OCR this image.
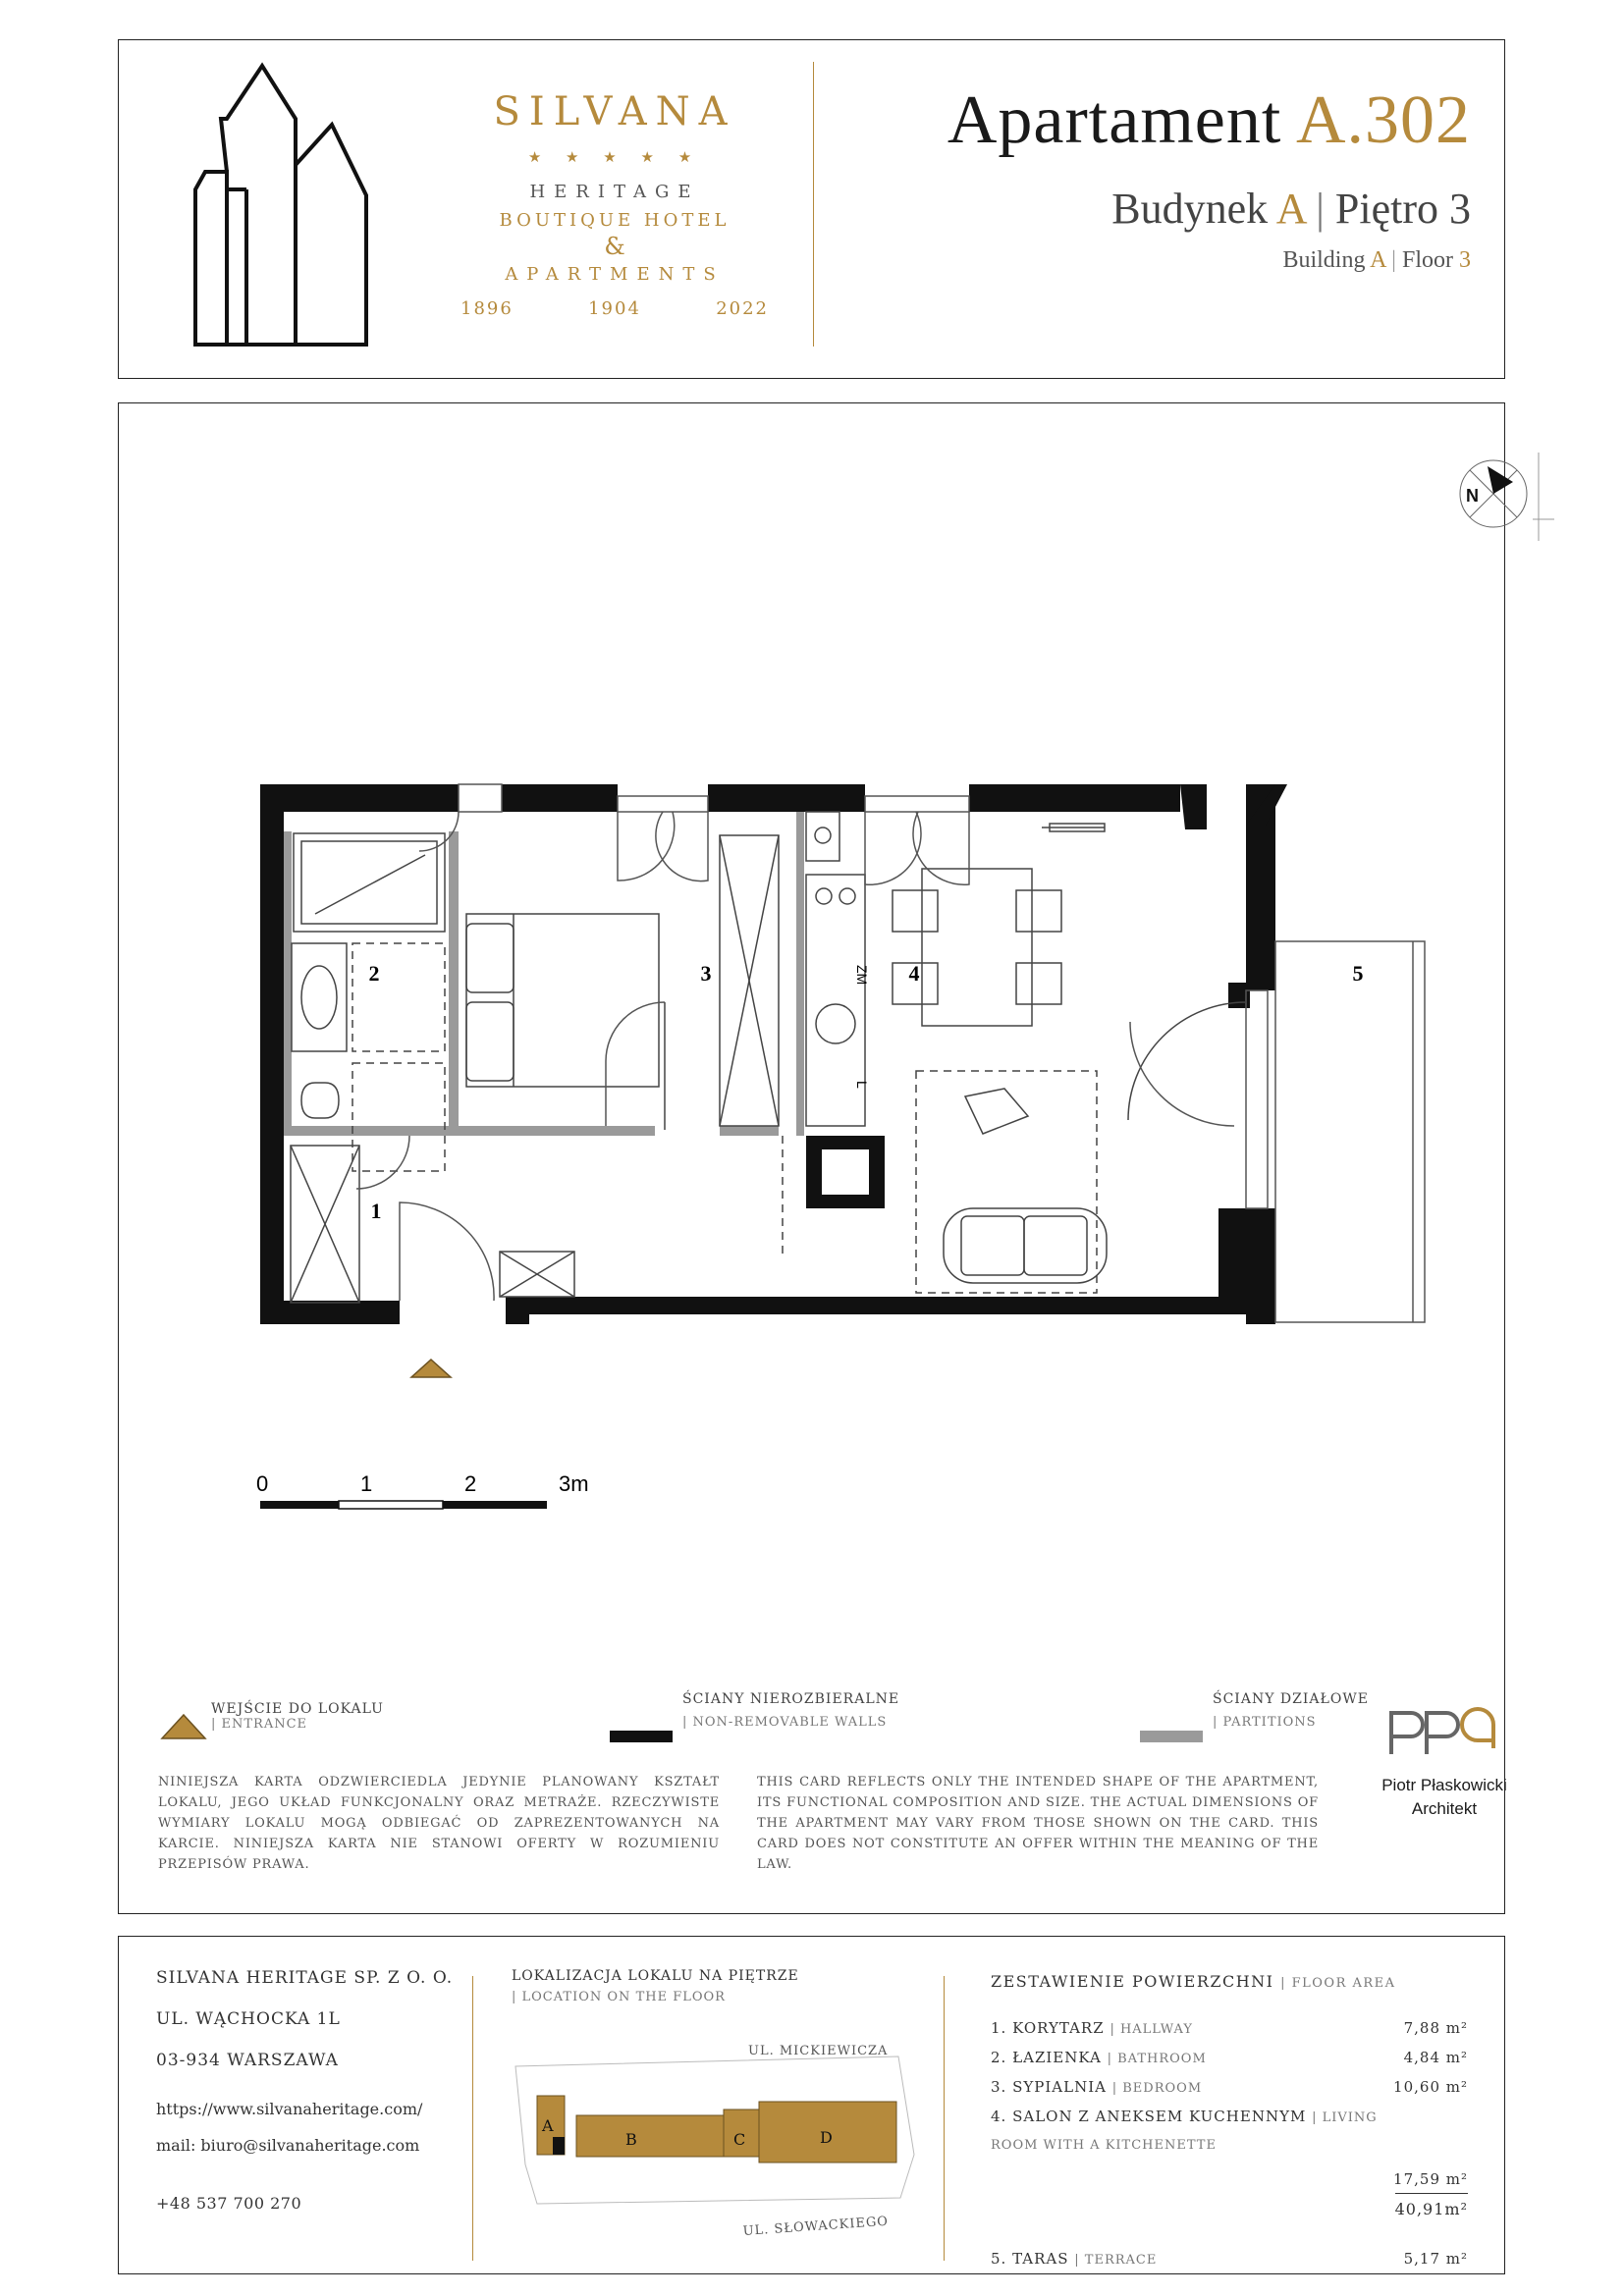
SILVANA
★ ★ ★ ★ ★
HERITAGE
BOUTIQUE HOTEL
&
APARTMENTS
1896	1904	2022
Apartament A.302
Budynek A | Piętro 3
Building A | Floor 3
N
2
1
3	4	5
ZM
L
0	1	2	3m
WEJŚCIE DO LOKALU
| ENTRANCE
ŚCIANY NIEROZBIERALNE
| NON-REMOVABLE WALLS
ŚCIANY DZIAŁOWE
| PARTITIONS
NINIEJSZA KARTA ODZWIERCIEDLA JEDYNIE PLANOWANY KSZTAŁT LOKALU, JEGO UKŁAD FUNKCJONALNY ORAZ METRAŻE. RZECZYWISTE WYMIARY LOKALU MOGĄ ODBIEGAĆ OD ZAPREZENTOWANYCH NA KARCIE. NINIEJSZA KARTA NIE STANOWI OFERTY W ROZUMIENIU PRZEPISÓW PRAWA.
THIS CARD REFLECTS ONLY THE INTENDED SHAPE OF THE APARTMENT, ITS FUNCTIONAL COMPOSITION AND SIZE. THE ACTUAL DIMENSIONS OF THE APARTMENT MAY VARY FROM THOSE SHOWN ON THE CARD. THIS CARD DOES NOT CONSTITUTE AN OFFER WITHIN THE MEANING OF THE LAW.
Piotr Płaskowicki
Architekt
SILVANA HERITAGE SP. Z O. O.
UL. WĄCHOCKA 1L
03-934 WARSZAWA
https://www.silvanaheritage.com/
mail: biuro@silvanaheritage.com
+48 537 700 270
LOKALIZACJA LOKALU NA PIĘTRZE
| LOCATION ON THE FLOOR
UL. MICKIEWICZA
UL. SŁOWACKIEGO
A
B	C	D
ZESTAWIENIE POWIERZCHNI | FLOOR AREA
1. KORYTARZ | HALLWAY	7,88 m²
2. ŁAZIENKA | BATHROOM	4,84 m²
3. SYPIALNIA | BEDROOM	10,60 m²
4. SALON Z ANEKSEM KUCHENNYM | LIVING
ROOM WITH A KITCHENETTE
17,59 m²
40,91m²
5. TARAS | TERRACE	5,17 m²
